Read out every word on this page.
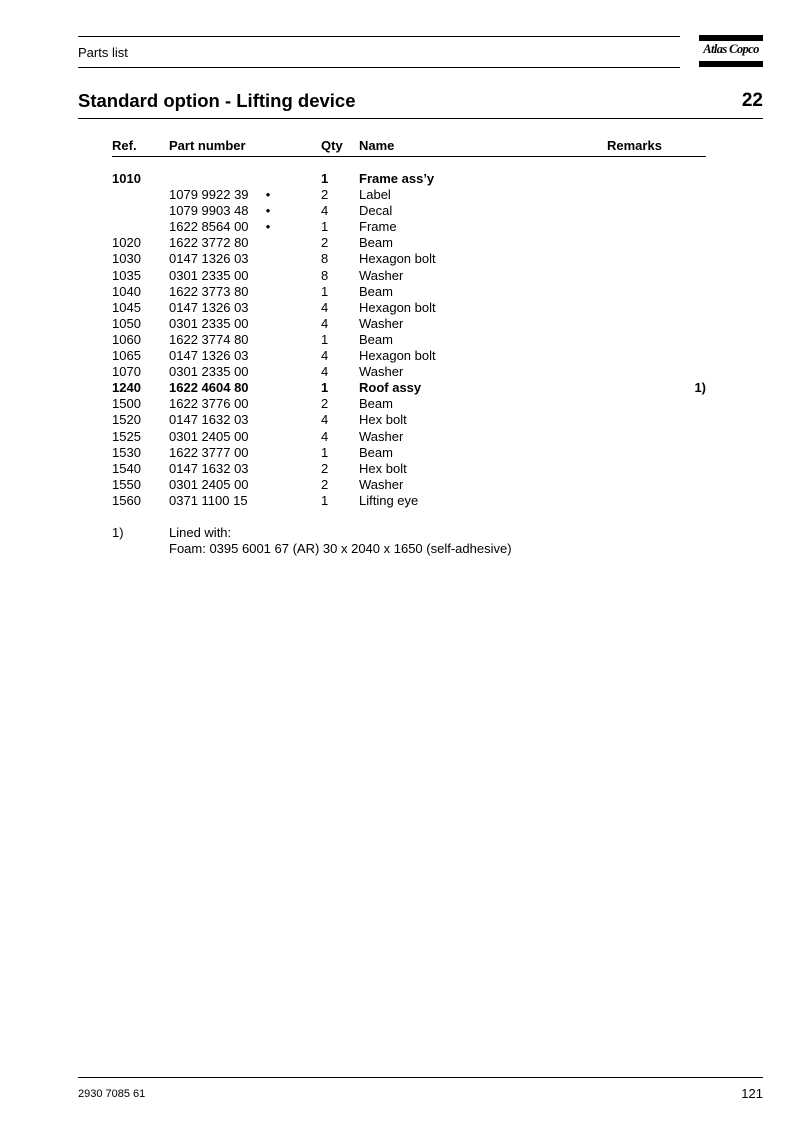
Parts list	Atlas Copco
Standard option - Lifting device	22
Ref. Part number	Qty Name	Remarks
1010	1 Frame ass’y
1079 9922 39 •	2 Label
1079 9903 48 •	4 Decal
1622 8564 00 •	1 Frame
1020 1622 3772 80	2 Beam
1030 0147 1326 03	8 Hexagon bolt
1035 0301 2335 00	8 Washer
1040 1622 3773 80	1 Beam
1045 0147 1326 03	4 Hexagon bolt
1050 0301 2335 00	4 Washer
1060 1622 3774 80	1 Beam
1065 0147 1326 03	4 Hexagon bolt
1070 0301 2335 00	4 Washer
1240 1622 4604 80	1 Roof assy	1)
1500 1622 3776 00	2 Beam
1520 0147 1632 03	4 Hex bolt
1525 0301 2405 00	4 Washer
1530 1622 3777 00	1 Beam
1540 0147 1632 03	2 Hex bolt
1550 0301 2405 00	2 Washer
1560 0371 1100 15	1 Lifting eye
1)	Lined with:
Foam: 0395 6001 67 (AR) 30 x 2040 x 1650 (self-adhesive)
2930 7085 61	121
